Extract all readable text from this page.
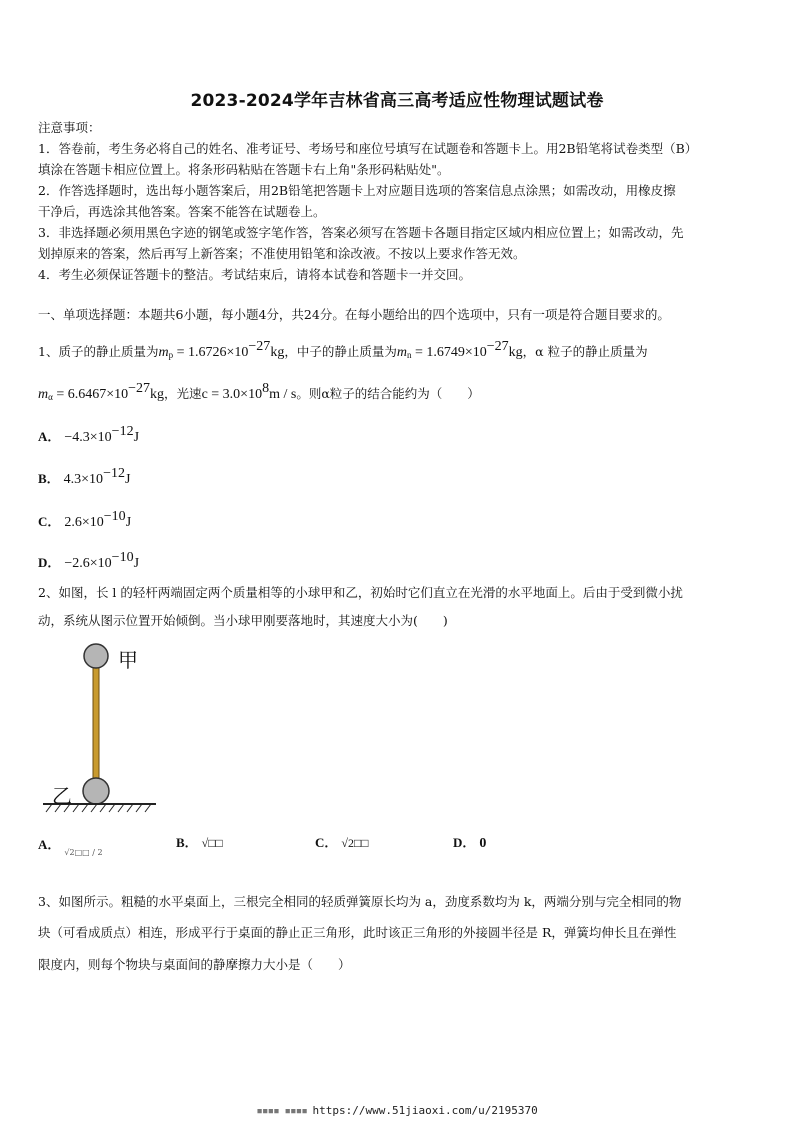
2023-2024学年吉林省高三高考适应性物理试题试卷
注意事项：
1．答卷前，考生务必将自己的姓名、准考证号、考场号和座位号填写在试题卷和答题卡上。用2B铅笔将试卷类型（B）
填涂在答题卡相应位置上。将条形码粘贴在答题卡右上角"条形码粘贴处"。
2．作答选择题时，选出每小题答案后，用2B铅笔把答题卡上对应题目选项的答案信息点涂黑；如需改动，用橡皮擦
干净后，再选涂其他答案。答案不能答在试题卷上。
3．非选择题必须用黑色字迹的钢笔或签字笔作答，答案必须写在答题卡各题目指定区域内相应位置上；如需改动，先
划掉原来的答案，然后再写上新答案；不准使用铅笔和涂改液。不按以上要求作答无效。
4．考生必须保证答题卡的整洁。考试结束后，请将本试卷和答题卡一并交回。
一、单项选择题：本题共6小题，每小题4分，共24分。在每小题给出的四个选项中，只有一项是符合题目要求的。
1、质子的静止质量为$m_p = 1.6726\times 10^{-27}kg$，中子的静止质量为$m_n = 1.6749\times 10^{-27}kg$，α 粒子的静止质量为
$m_\alpha = 6.6467\times 10^{-27}kg$，光速$c = 3.0\times 10^8m / s$。则α粒子的结合能约为（　　）
A． $-4.3\times 10^{-12}J$
B． $4.3\times 10^{-12}J$
C． $2.6\times 10^{-10}J$
D． $-2.6\times 10^{-10}J$
2、如图，长 l 的轻杆两端固定两个质量相等的小球甲和乙，初始时它们直立在光滑的水平地面上。后由于受到微小扰
动，系统从图示位置开始倾倒。当小球甲刚要落地时，其速度大小为(　　)
甲
乙
A． $_{√2□□ / 2}$
B． √□□	C． √2□□	D． 0
3、如图所示。粗糙的水平桌面上，三根完全相同的轻质弹簧原长均为 a，劲度系数均为 k，两端分别与完全相同的物
块（可看成质点）相连，形成平行于桌面的静止正三角形，此时该正三角形的外接圆半径是 R，弹簧均伸长且在弹性
限度内，则每个物块与桌面间的静摩擦力大小是（　　）
▪▪▪▪ ▪▪▪▪ https://www.51jiaoxi.com/u/2195370
